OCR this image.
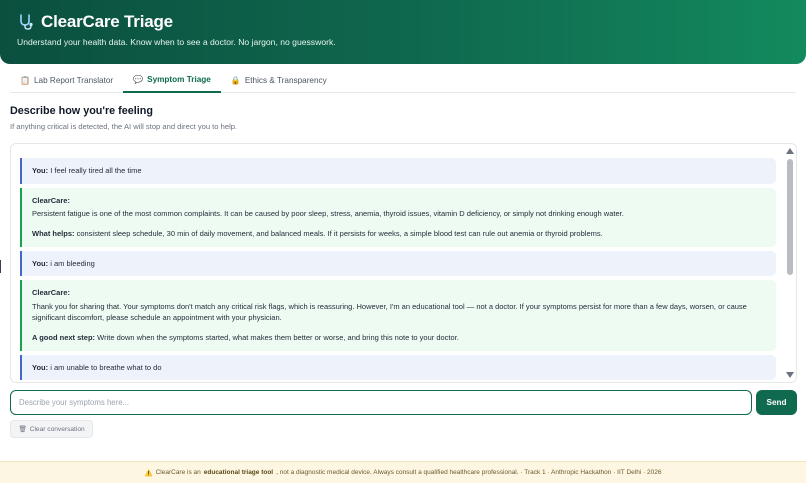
ClearCare Triage
Understand your health data. Know when to see a doctor. No jargon, no guesswork.
📋 Lab Report Translator	💬 Symptom Triage	🔒 Ethics & Transparency
Describe how you're feeling
If anything critical is detected, the AI will stop and direct you to help.
You: I feel really tired all the time
ClearCare:

Persistent fatigue is one of the most common complaints. It can be caused by poor sleep, stress, anemia, thyroid issues, vitamin D deficiency, or simply not drinking enough water.

What helps: consistent sleep schedule, 30 min of daily movement, and balanced meals. If it persists for weeks, a simple blood test can rule out anemia or thyroid problems.

You: i am bleeding
ClearCare:

Thank you for sharing that. Your symptoms don't match any critical risk flags, which is reassuring. However, I'm an educational tool — not a doctor. If your symptoms persist for more than a few days, worsen, or cause significant discomfort, please schedule an appointment with your physician.

A good next step: Write down when the symptoms started, what makes them better or worse, and bring this note to your doctor.

You: i am unable to breathe what to do
Describe your symptoms here...
Send
🗑 Clear conversation
⚠️ ClearCare is an educational triage tool , not a diagnostic medical device. Always consult a qualified healthcare professional. · Track 1 · Anthropic Hackathon · IIT Delhi · 2026
